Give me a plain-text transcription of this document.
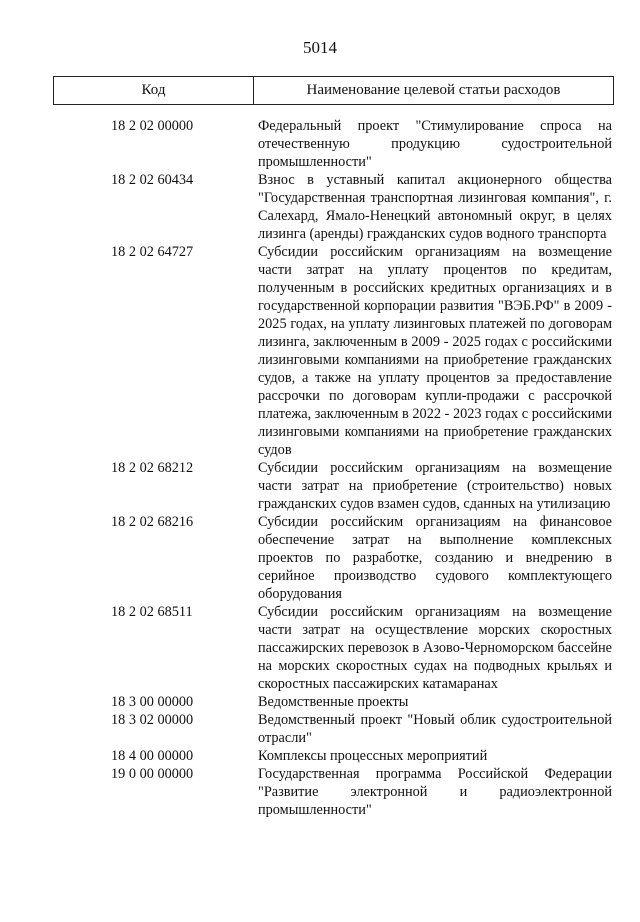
5014
Код	Наименование целевой статьи расходов
18 2 02 00000	Федеральный проект "Стимулирование спроса на отечественную продукцию судостроительной промышленности"
18 2 02 60434	Взнос в уставный капитал акционерного общества "Государственная транспортная лизинговая компания", г. Салехард, Ямало-Ненецкий автономный округ, в целях лизинга (аренды) гражданских судов водного транспорта
18 2 02 64727	Субсидии российским организациям на возмещение части затрат на уплату процентов по кредитам, полученным в российских кредитных организациях и в государственной корпорации развития "ВЭБ.РФ" в 2009 - 2025 годах, на уплату лизинговых платежей по договорам лизинга, заключенным в 2009 - 2025 годах с российскими лизинговыми компаниями на приобретение гражданских судов, а также на уплату процентов за предоставление рассрочки по договорам купли-продажи с рассрочкой платежа, заключенным в 2022 - 2023 годах с российскими лизинговыми компаниями на приобретение гражданских судов
18 2 02 68212	Субсидии российским организациям на возмещение части затрат на приобретение (строительство) новых гражданских судов взамен судов, сданных на утилизацию
18 2 02 68216	Субсидии российским организациям на финансовое обеспечение затрат на выполнение комплексных проектов по разработке, созданию и внедрению в серийное производство судового комплектующего оборудования
18 2 02 68511	Субсидии российским организациям на возмещение части затрат на осуществление морских скоростных пассажирских перевозок в Азово-Черноморском бассейне на морских скоростных судах на подводных крыльях и скоростных пассажирских катамаранах
18 3 00 00000	Ведомственные проекты
18 3 02 00000	Ведомственный проект "Новый облик судостроительной отрасли"
18 4 00 00000	Комплексы процессных мероприятий
19 0 00 00000	Государственная программа Российской Федерации "Развитие электронной и радиоэлектронной промышленности"
